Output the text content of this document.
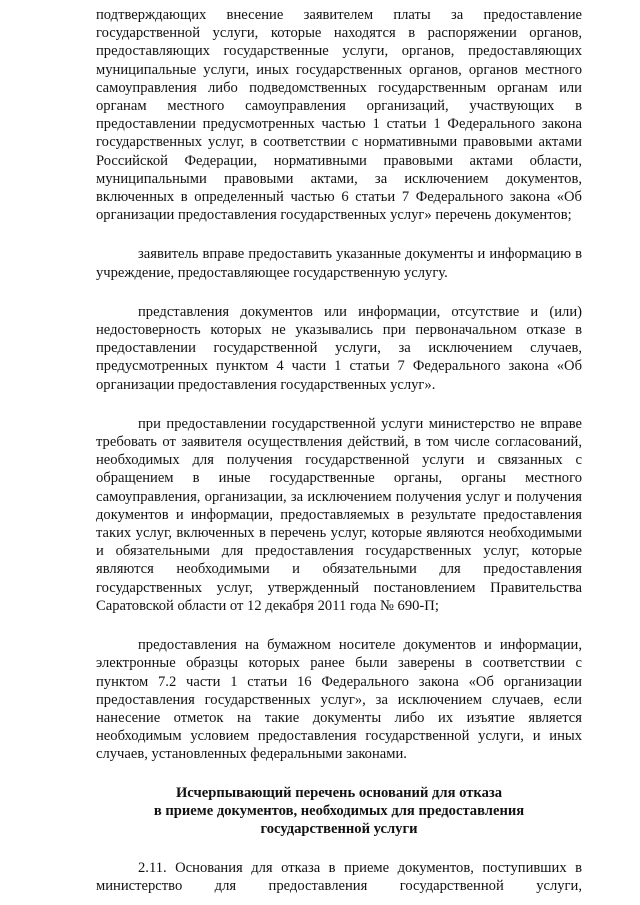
подтверждающих внесение заявителем платы за предоставление
государственной услуги, которые находятся в распоряжении органов,
предоставляющих государственные услуги, органов, предоставляющих
муниципальные услуги, иных государственных органов, органов местного
самоуправления либо подведомственных государственным органам или
органам местного самоуправления организаций, участвующих в
предоставлении предусмотренных частью 1 статьи 1 Федерального закона
государственных услуг, в соответствии с нормативными правовыми актами
Российской Федерации, нормативными правовыми актами области,
муниципальными правовыми актами, за исключением документов,
включенных в определенный частью 6 статьи 7 Федерального закона «Об
организации предоставления государственных услуг» перечень документов;

заявитель вправе предоставить указанные документы и информацию в
учреждение, предоставляющее государственную услугу.

представления документов или информации, отсутствие и (или)
недостоверность которых не указывались при первоначальном отказе в
предоставлении государственной услуги, за исключением случаев,
предусмотренных пунктом 4 части 1 статьи 7 Федерального закона «Об
организации предоставления государственных услуг».

при предоставлении государственной услуги министерство не вправе
требовать от заявителя осуществления действий, в том числе согласований,
необходимых для получения государственной услуги и связанных с
обращением в иные государственные органы, органы местного
самоуправления, организации, за исключением получения услуг и получения
документов и информации, предоставляемых в результате предоставления
таких услуг, включенных в перечень услуг, которые являются необходимыми
и обязательными для предоставления государственных услуг, которые
являются необходимыми и обязательными для предоставления
государственных услуг, утвержденный постановлением Правительства
Саратовской области от 12 декабря 2011 года № 690-П;

предоставления на бумажном носителе документов и информации,
электронные образцы которых ранее были заверены в соответствии с
пунктом 7.2 части 1 статьи 16 Федерального закона «Об организации
предоставления государственных услуг», за исключением случаев, если
нанесение отметок на такие документы либо их изъятие является
необходимым условием предоставления государственной услуги, и иных
случаев, установленных федеральными законами.

Исчерпывающий перечень оснований для отказа
в приеме документов, необходимых для предоставления
государственной услуги

2.11. Основания для отказа в приеме документов, поступивших в
министерство для предоставления государственной услуги,
